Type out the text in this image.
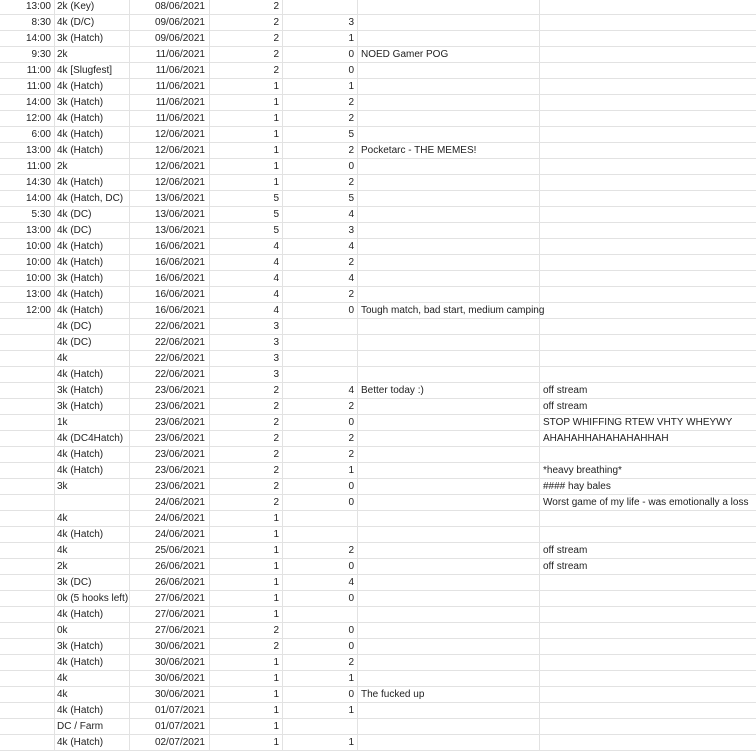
13:00 2k (Key)	08/06/2021	2
8:30 4k (D/C)	09/06/2021	2	3
14:00 3k (Hatch)	09/06/2021	2	1
9:30 2k	11/06/2021	2	0 NOED Gamer POG
11:00 4k [Slugfest]	11/06/2021	2	0
11:00 4k (Hatch)	11/06/2021	1	1
14:00 3k (Hatch)	11/06/2021	1	2
12:00 4k (Hatch)	11/06/2021	1	2
6:00 4k (Hatch)	12/06/2021	1	5
13:00 4k (Hatch)	12/06/2021	1	2 Pocketarc - THE MEMES!
11:00 2k	12/06/2021	1	0
14:30 4k (Hatch)	12/06/2021	1	2
14:00 4k (Hatch, DC)	13/06/2021	5	5
5:30 4k (DC)	13/06/2021	5	4
13:00 4k (DC)	13/06/2021	5	3
10:00 4k (Hatch)	16/06/2021	4	4
10:00 4k (Hatch)	16/06/2021	4	2
10:00 3k (Hatch)	16/06/2021	4	4
13:00 4k (Hatch)	16/06/2021	4	2
12:00 4k (Hatch)	16/06/2021	4	0 Tough match, bad start, medium camping
4k (DC)	22/06/2021	3
4k (DC)	22/06/2021	3
4k	22/06/2021	3
4k (Hatch)	22/06/2021	3
3k (Hatch)	23/06/2021	2	4 Better today :)	off stream
3k (Hatch)	23/06/2021	2	2	off stream
1k	23/06/2021	2	0	STOP WHIFFING RTEW VHTY WHEYWY
4k (DC4Hatch)	23/06/2021	2	2	AHAHAHHAHAHAHAHHAH
4k (Hatch)	23/06/2021	2	2
4k (Hatch)	23/06/2021	2	1	*heavy breathing*
3k	23/06/2021	2	0	#### hay bales
24/06/2021	2	0	Worst game of my life - was emotionally a loss
4k	24/06/2021	1
4k (Hatch)	24/06/2021	1
4k	25/06/2021	1	2	off stream
2k	26/06/2021	1	0	off stream
3k (DC)	26/06/2021	1	4
0k (5 hooks left)	27/06/2021	1	0
4k (Hatch)	27/06/2021	1
0k	27/06/2021	2	0
3k (Hatch)	30/06/2021	2	0
4k (Hatch)	30/06/2021	1	2
4k	30/06/2021	1	1
4k	30/06/2021	1	0 The fucked up
4k (Hatch)	01/07/2021	1	1
DC / Farm	01/07/2021	1
4k (Hatch)	02/07/2021	1	1
